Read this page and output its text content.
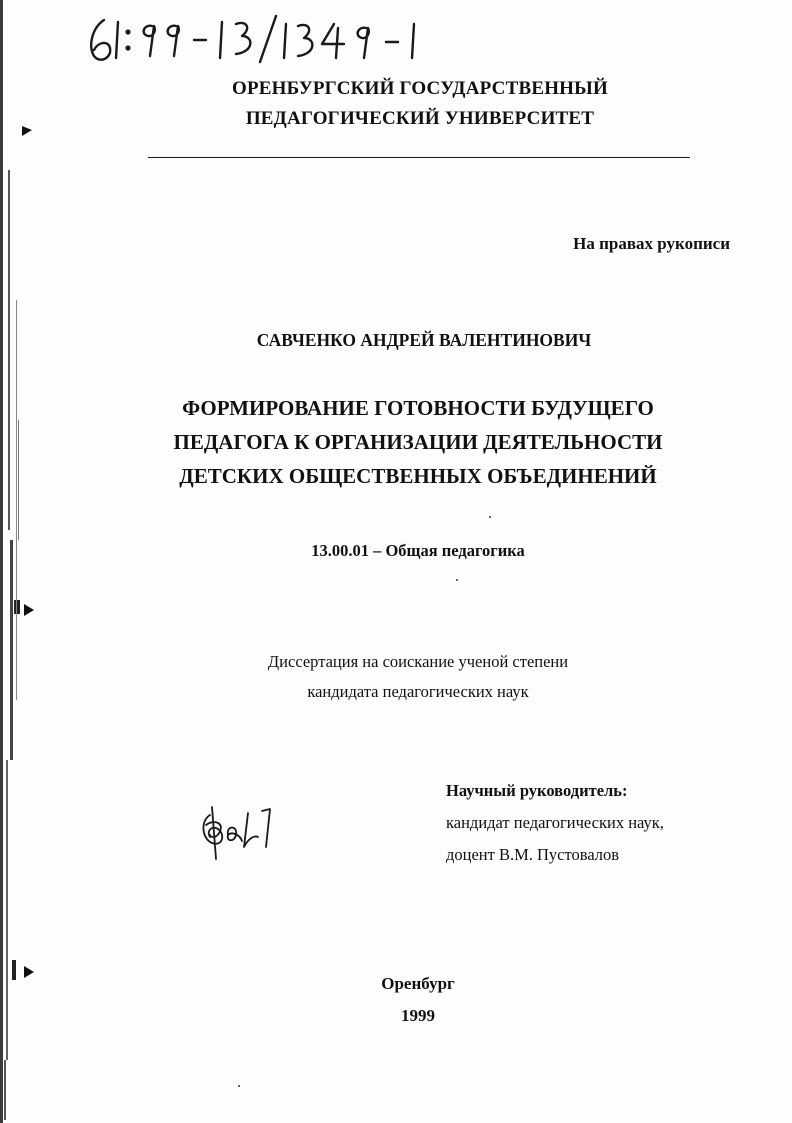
ОРЕНБУРГСКИЙ ГОСУДАРСТВЕННЫЙ
ПЕДАГОГИЧЕСКИЙ УНИВЕРСИТЕТ
На правах рукописи
САВЧЕНКО АНДРЕЙ ВАЛЕНТИНОВИЧ
ФОРМИРОВАНИЕ ГОТОВНОСТИ БУДУЩЕГО
ПЕДАГОГА К ОРГАНИЗАЦИИ ДЕЯТЕЛЬНОСТИ
ДЕТСКИХ ОБЩЕСТВЕННЫХ ОБЪЕДИНЕНИЙ
13.00.01 – Общая педагогика
Диссертация на соискание ученой степени
кандидата педагогических наук
Научный руководитель:
кандидат педагогических наук,
доцент В.М. Пустовалов
Оренбург
1999
